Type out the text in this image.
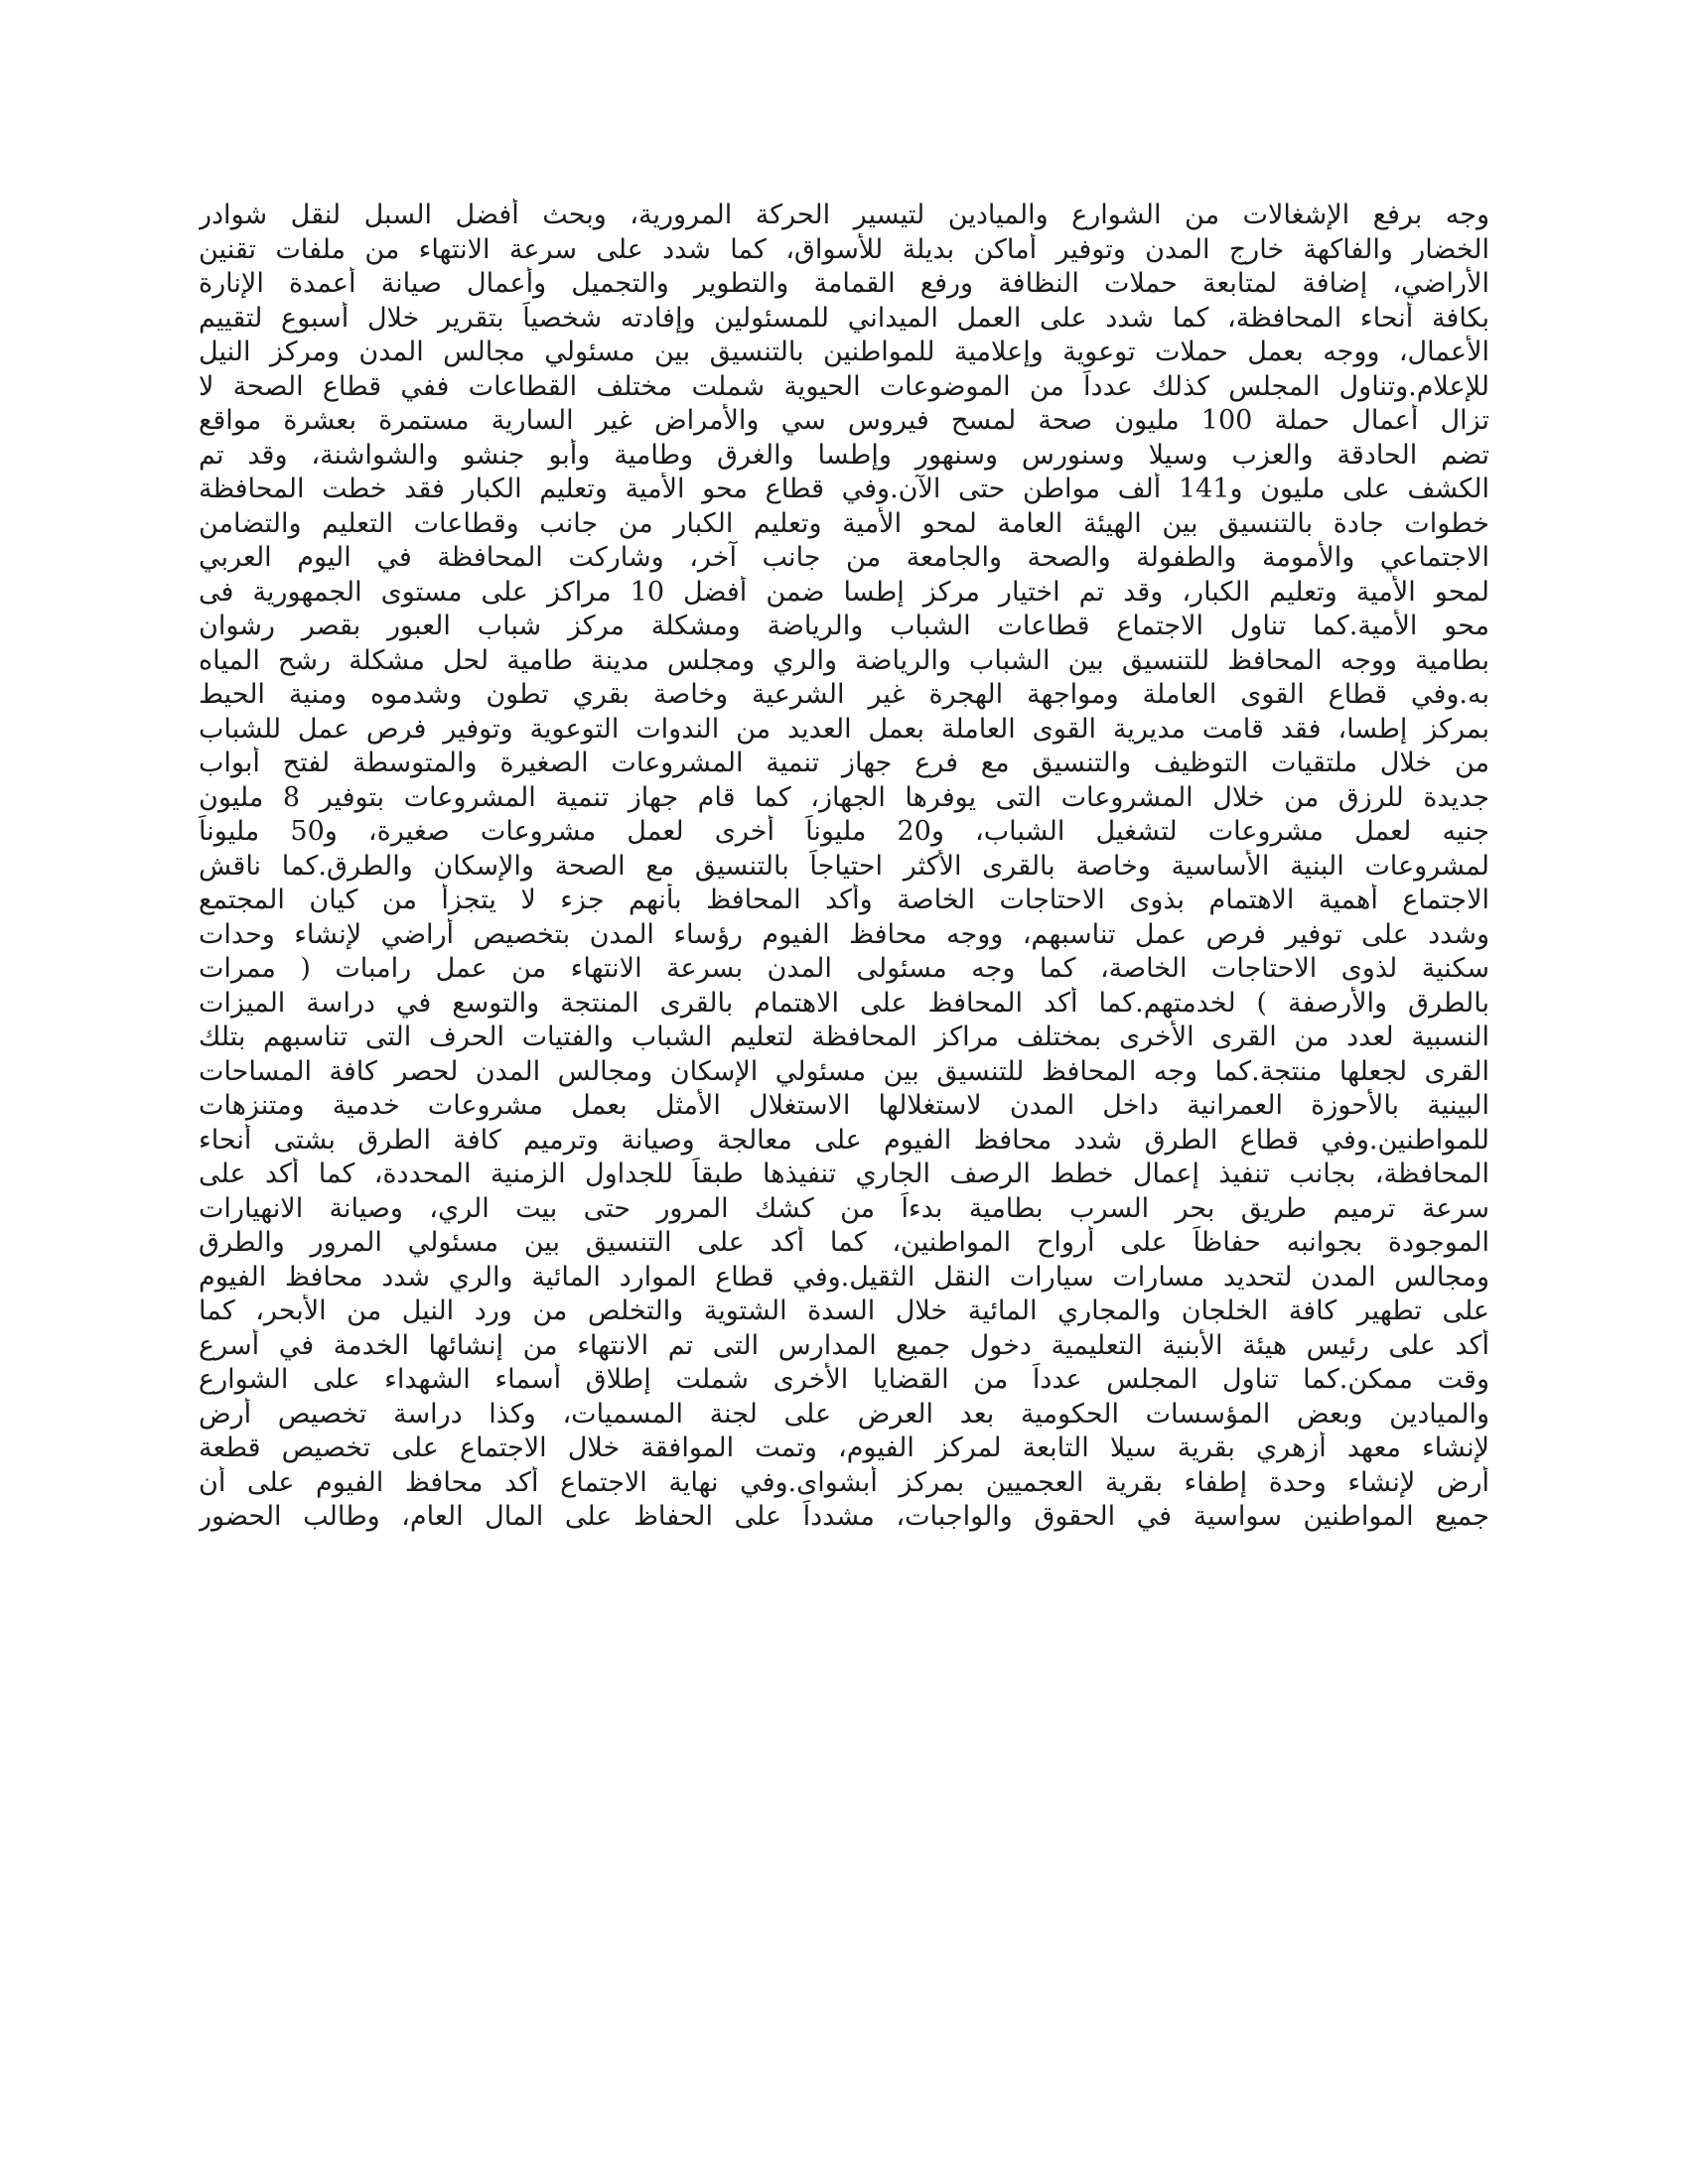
وجه برفع الإشغالات من الشوارع والميادين لتيسير الحركة المرورية، وبحث أفضل السبل لنقل شوادر
الخضار والفاكهة خارج المدن وتوفير أماكن بديلة للأسواق، كما شدد على سرعة الانتهاء من ملفات تقنين
الأراضي، إضافة لمتابعة حملات النظافة ورفع القمامة والتطوير والتجميل وأعمال صيانة أعمدة الإنارة
بكافة أنحاء المحافظة، كما شدد على العمل الميداني للمسئولين وإفادته شخصياً بتقرير خلال أسبوع لتقييم
الأعمال، ووجه بعمل حملات توعوية وإعلامية للمواطنين بالتنسيق بين مسئولي مجالس المدن ومركز النيل
للإعلام.وتناول المجلس كذلك عدداً من الموضوعات الحيوية شملت مختلف القطاعات ففي قطاع الصحة لا
تزال أعمال حملة 100 مليون صحة لمسح فيروس سي والأمراض غير السارية مستمرة بعشرة مواقع
تضم الحادقة والعزب وسيلا وسنورس وسنهور وإطسا والغرق وطامية وأبو جنشو والشواشنة، وقد تم
الكشف على مليون و141 ألف مواطن حتى الآن.وفي قطاع محو الأمية وتعليم الكبار فقد خطت المحافظة
خطوات جادة بالتنسيق بين الهيئة العامة لمحو الأمية وتعليم الكبار من جانب وقطاعات التعليم والتضامن
الاجتماعي والأمومة والطفولة والصحة والجامعة من جانب آخر، وشاركت المحافظة في اليوم العربي
لمحو الأمية وتعليم الكبار، وقد تم اختيار مركز إطسا ضمن أفضل 10 مراكز على مستوى الجمهورية فى
محو الأمية.كما تناول الاجتماع قطاعات الشباب والرياضة ومشكلة مركز شباب العبور بقصر رشوان
بطامية ووجه المحافظ للتنسيق بين الشباب والرياضة والري ومجلس مدينة طامية لحل مشكلة رشح المياه
به.وفي قطاع القوى العاملة ومواجهة الهجرة غير الشرعية وخاصة بقري تطون وشدموه ومنية الحيط
بمركز إطسا، فقد قامت مديرية القوى العاملة بعمل العديد من الندوات التوعوية وتوفير فرص عمل للشباب
من خلال ملتقيات التوظيف والتنسيق مع فرع جهاز تنمية المشروعات الصغيرة والمتوسطة لفتح أبواب
جديدة للرزق من خلال المشروعات التى يوفرها الجهاز، كما قام جهاز تنمية المشروعات بتوفير 8 مليون
جنيه لعمل مشروعات لتشغيل الشباب، و20 مليوناً أخرى لعمل مشروعات صغيرة، و50 مليوناً
لمشروعات البنية الأساسية وخاصة بالقرى الأكثر احتياجاً بالتنسيق مع الصحة والإسكان والطرق.كما ناقش
الاجتماع أهمية الاهتمام بذوى الاحتاجات الخاصة وأكد المحافظ بأنهم جزء لا يتجزأ من كيان المجتمع
وشدد على توفير فرص عمل تناسبهم، ووجه محافظ الفيوم رؤساء المدن بتخصيص أراضي لإنشاء وحدات
سكنية لذوى الاحتاجات الخاصة، كما وجه مسئولى المدن بسرعة الانتهاء من عمل رامبات ( ممرات
بالطرق والأرصفة ) لخدمتهم.كما أكد المحافظ على الاهتمام بالقرى المنتجة والتوسع في دراسة الميزات
النسبية لعدد من القرى الأخرى بمختلف مراكز المحافظة لتعليم الشباب والفتيات الحرف التى تناسبهم بتلك
القرى لجعلها منتجة.كما وجه المحافظ للتنسيق بين مسئولي الإسكان ومجالس المدن لحصر كافة المساحات
البينية بالأحوزة العمرانية داخل المدن لاستغلالها الاستغلال الأمثل بعمل مشروعات خدمية ومتنزهات
للمواطنين.وفي قطاع الطرق شدد محافظ الفيوم على معالجة وصيانة وترميم كافة الطرق بشتى أنحاء
المحافظة، بجانب تنفيذ إعمال خطط الرصف الجاري تنفيذها طبقاً للجداول الزمنية المحددة، كما أكد على
سرعة ترميم طريق بحر السرب بطامية بدءاً من كشك المرور حتى بيت الري، وصيانة الانهيارات
الموجودة بجوانبه حفاظاً على أرواح المواطنين، كما أكد على التنسيق بين مسئولي المرور والطرق
ومجالس المدن لتحديد مسارات سيارات النقل الثقيل.وفي قطاع الموارد المائية والري شدد محافظ الفيوم
على تطهير كافة الخلجان والمجاري المائية خلال السدة الشتوية والتخلص من ورد النيل من الأبحر، كما
أكد على رئيس هيئة الأبنية التعليمية دخول جميع المدارس التى تم الانتهاء من إنشائها الخدمة في أسرع
وقت ممكن.كما تناول المجلس عدداً من القضايا الأخرى شملت إطلاق أسماء الشهداء على الشوارع
والميادين وبعض المؤسسات الحكومية بعد العرض على لجنة المسميات، وكذا دراسة تخصيص أرض
لإنشاء معهد أزهري بقرية سيلا التابعة لمركز الفيوم، وتمت الموافقة خلال الاجتماع على تخصيص قطعة
أرض لإنشاء وحدة إطفاء بقرية العجميين بمركز أبشواى.وفي نهاية الاجتماع أكد محافظ الفيوم على أن
جميع المواطنين سواسية في الحقوق والواجبات، مشدداً على الحفاظ على المال العام، وطالب الحضور
